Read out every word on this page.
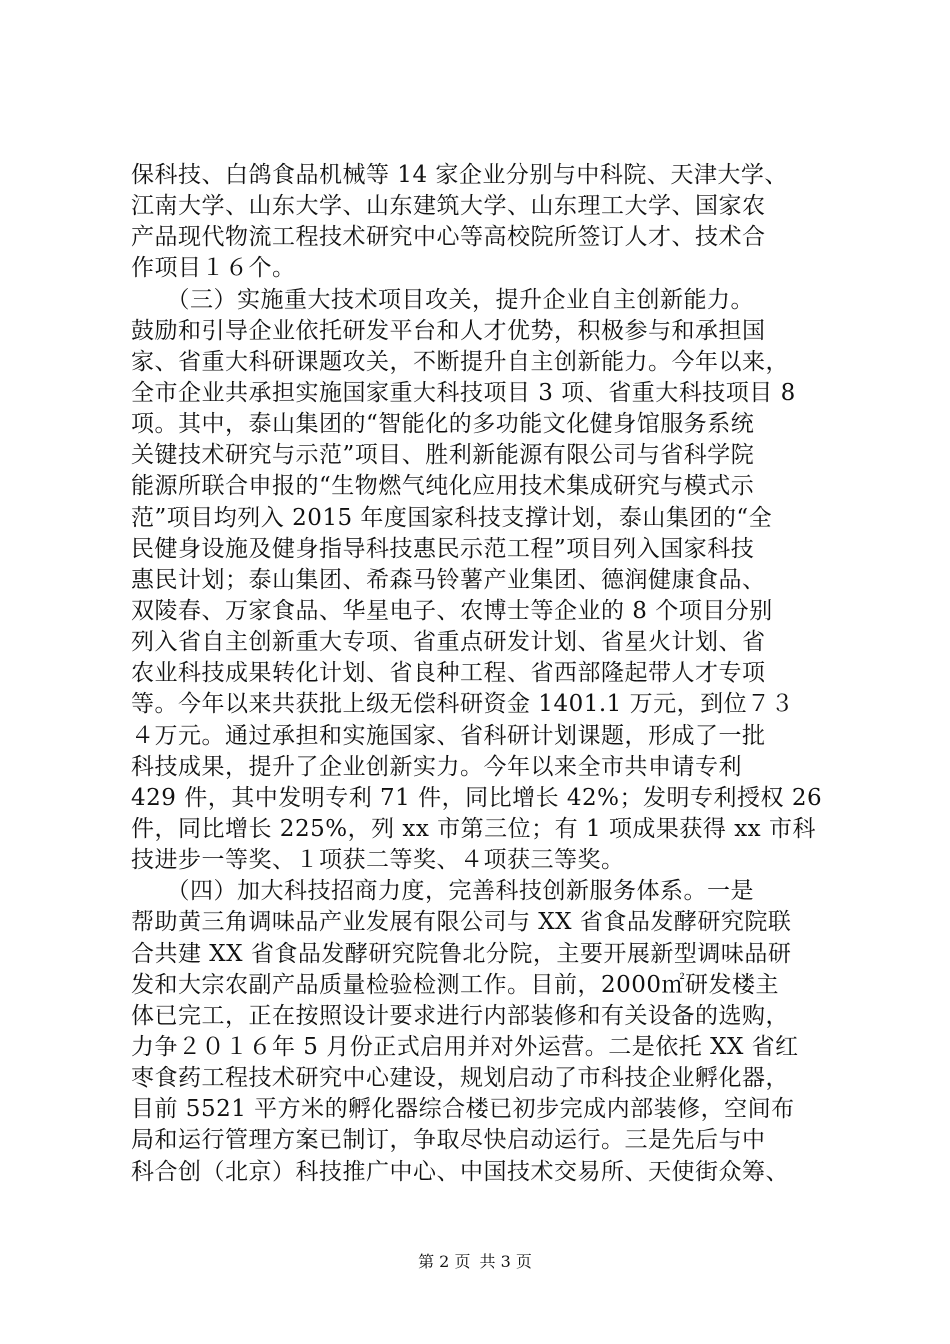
保科技、白鸽食品机械等 14 家企业分别与中科院、天津大学、
江南大学、山东大学、山东建筑大学、山东理工大学、国家农
产品现代物流工程技术研究中心等高校院所签订人才、技术合
作项目１６个。
　　（三）实施重大技术项目攻关，提升企业自主创新能力。
鼓励和引导企业依托研发平台和人才优势，积极参与和承担国
家、省重大科研课题攻关，不断提升自主创新能力。今年以来，
全市企业共承担实施国家重大科技项目 3 项、省重大科技项目 8
项。其中，泰山集团的“智能化的多功能文化健身馆服务系统
关键技术研究与示范”项目、胜利新能源有限公司与省科学院
能源所联合申报的“生物燃气纯化应用技术集成研究与模式示
范”项目均列入 2015 年度国家科技支撑计划，泰山集团的“全
民健身设施及健身指导科技惠民示范工程”项目列入国家科技
惠民计划；泰山集团、希森马铃薯产业集团、德润健康食品、
双陵春、万家食品、华星电子、农博士等企业的 8 个项目分别
列入省自主创新重大专项、省重点研发计划、省星火计划、省
农业科技成果转化计划、省良种工程、省西部隆起带人才专项
等。今年以来共获批上级无偿科研资金 1401.1 万元，到位７３
４万元。通过承担和实施国家、省科研计划课题，形成了一批
科技成果，提升了企业创新实力。今年以来全市共申请专利
429 件，其中发明专利 71 件，同比增长 42%；发明专利授权 26
件，同比增长 225%，列 xx 市第三位；有 1 项成果获得 xx 市科
技进步一等奖、１项获二等奖、４项获三等奖。
　　（四）加大科技招商力度，完善科技创新服务体系。一是
帮助黄三角调味品产业发展有限公司与 XX 省食品发酵研究院联
合共建 XX 省食品发酵研究院鲁北分院，主要开展新型调味品研
发和大宗农副产品质量检验检测工作。目前，2000㎡研发楼主
体已完工，正在按照设计要求进行内部装修和有关设备的选购，
力争２０１６年 5 月份正式启用并对外运营。二是依托 XX 省红
枣食药工程技术研究中心建设，规划启动了市科技企业孵化器，
目前 5521 平方米的孵化器综合楼已初步完成内部装修，空间布
局和运行管理方案已制订，争取尽快启动运行。三是先后与中
科合创（北京）科技推广中心、中国技术交易所、天使街众筹、
第 2 页 共 3 页
